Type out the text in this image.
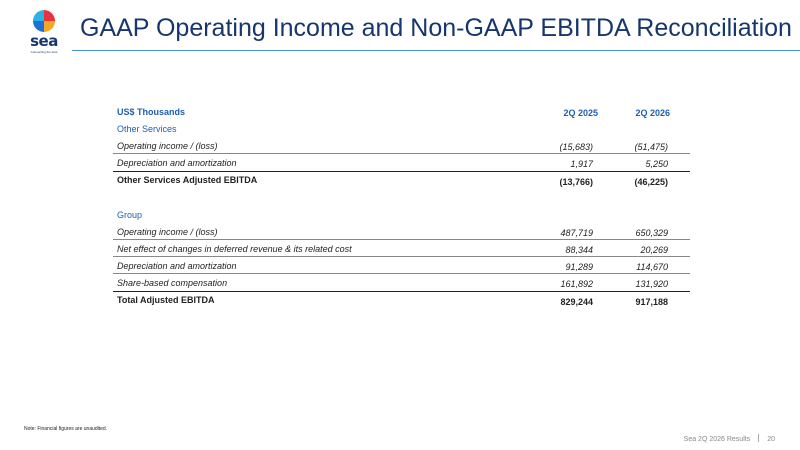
sea
Connecting the dots
GAAP Operating Income and Non-GAAP EBITDA Reconciliation
US$ Thousands	2Q 2025	2Q 2026
Other Services
Operating income / (loss)	(15,683)	(51,475)
Depreciation and amortization	1,917	5,250
Other Services Adjusted EBITDA	(13,766)	(46,225)
Group
Operating income / (loss)	487,719	650,329
Net effect of changes in deferred revenue & its related cost	88,344	20,269
Depreciation and amortization	91,289	114,670
Share-based compensation	161,892	131,920
Total Adjusted EBITDA	829,244	917,188
Note: Financial figures are unaudited.
Sea 2Q 2026 Results 20
